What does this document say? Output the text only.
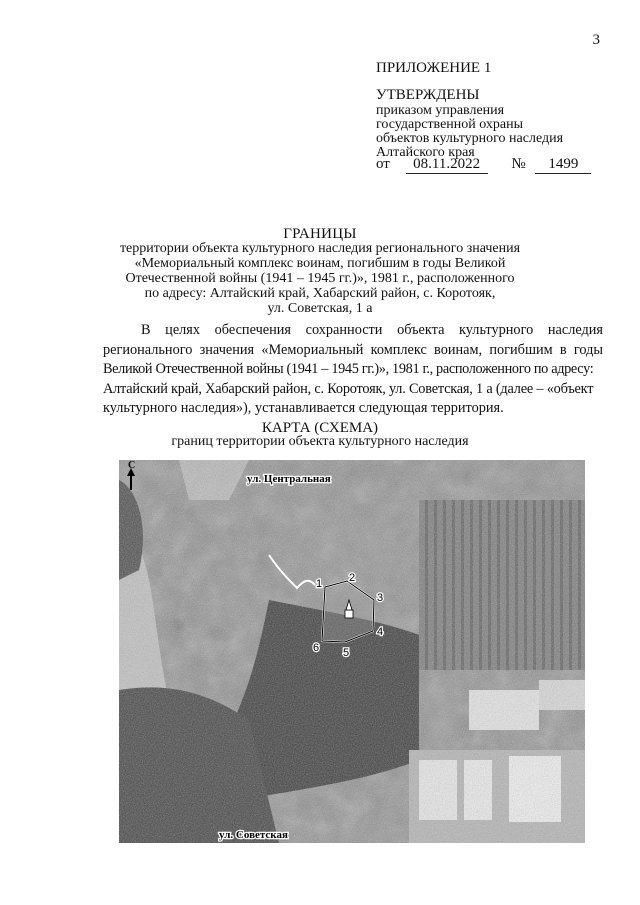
3
ПРИЛОЖЕНИЕ 1
УТВЕРЖДЕНЫ
приказом управления
государственной охраны
объектов культурного наследия
Алтайского края
от 08.11.2022 № 1499
ГРАНИЦЫ
территории объекта культурного наследия регионального значения
«Мемориальный комплекс воинам, погибшим в годы Великой
Отечественной войны (1941 – 1945 гг.)», 1981 г., расположенного
по адресу: Алтайский край, Хабарский район, с. Коротояк,
ул. Советская, 1 а
В целях обеспечения сохранности объекта культурного наследия
регионального значения «Мемориальный комплекс воинам, погибшим в годы
Великой Отечественной войны (1941 – 1945 гг.)», 1981 г., расположенного по адресу:
Алтайский край, Хабарский район, с. Коротояк, ул. Советская, 1 а (далее – «объект
культурного наследия»), устанавливается следующая территория.
КАРТА (СХЕМА)
границ территории объекта культурного наследия
С
ул. Центральная
ул. Советская
1 2
3
4
5
6
